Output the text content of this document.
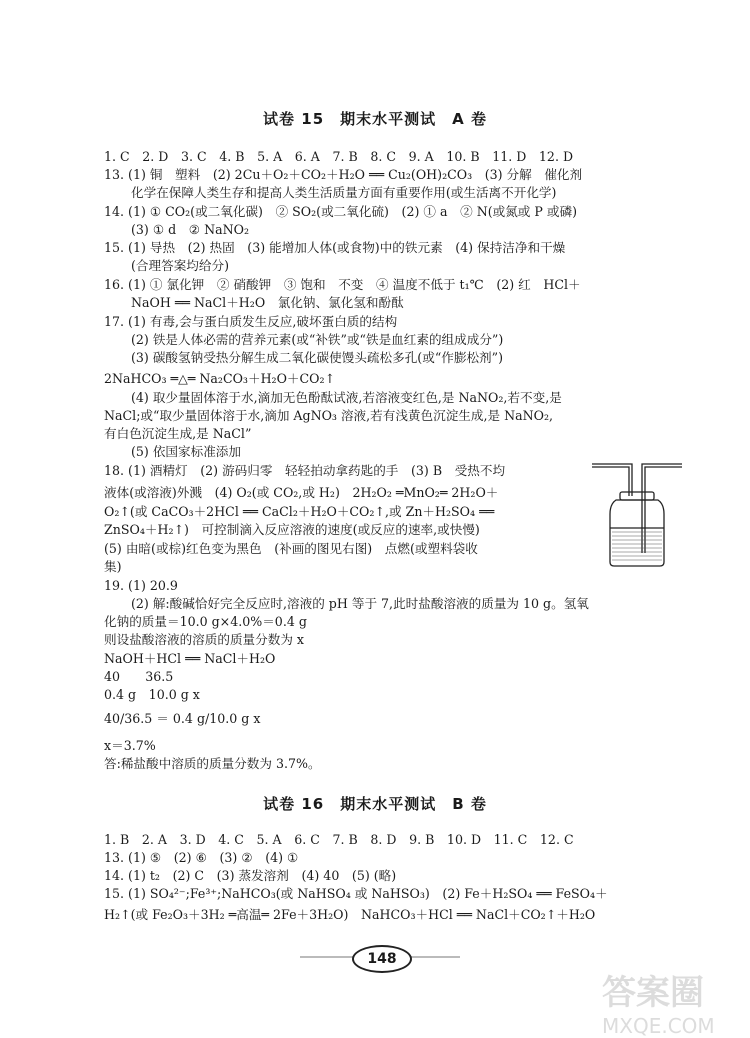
试卷 15　期末水平测试　A 卷
1. C　2. D　3. C　4. B　5. A　6. A　7. B　8. C　9. A　10. B　11. D　12. D
13. (1) 铜　塑料　(2) 2Cu＋O₂＋CO₂＋H₂O ══ Cu₂(OH)₂CO₃　(3) 分解　催化剂
化学在保障人类生存和提高人类生活质量方面有重要作用(或生活离不开化学)
14. (1) ① CO₂(或二氧化碳)　② SO₂(或二氧化硫)　(2) ① a　② N(或氮或 P 或磷)
(3) ① d　② NaNO₂
15. (1) 导热　(2) 热固　(3) 能增加人体(或食物)中的铁元素　(4) 保持洁净和干燥
(合理答案均给分)
16. (1) ① 氯化钾　② 硝酸钾　③ 饱和　不变　④ 温度不低于 t₁℃　(2) 红　HCl＋
NaOH ══ NaCl＋H₂O　氯化钠、氯化氢和酚酞
17. (1) 有毒,会与蛋白质发生反应,破坏蛋白质的结构
(2) 铁是人体必需的营养元素(或“补铁”或“铁是血红素的组成成分”)
(3) 碳酸氢钠受热分解生成二氧化碳使馒头疏松多孔(或“作膨松剂”)
2NaHCO₃ ═△═ Na₂CO₃＋H₂O＋CO₂↑
(4) 取少量固体溶于水,滴加无色酚酞试液,若溶液变红色,是 NaNO₂,若不变,是
NaCl;或“取少量固体溶于水,滴加 AgNO₃ 溶液,若有浅黄色沉淀生成,是 NaNO₂,
有白色沉淀生成,是 NaCl”
(5) 依国家标准添加
18. (1) 酒精灯　(2) 游码归零　轻轻拍动拿药匙的手　(3) B　受热不均
液体(或溶液)外溅　(4) O₂(或 CO₂,或 H₂)　2H₂O₂ ═MnO₂═ 2H₂O＋
O₂↑(或 CaCO₃＋2HCl ══ CaCl₂＋H₂O＋CO₂↑,或 Zn＋H₂SO₄ ══
ZnSO₄＋H₂↑)　可控制滴入反应溶液的速度(或反应的速率,或快慢)
(5) 由暗(或棕)红色变为黑色　(补画的图见右图)　点燃(或塑料袋收
集)
19. (1) 20.9
(2) 解:酸碱恰好完全反应时,溶液的 pH 等于 7,此时盐酸溶液的质量为 10 g。氢氧
化钠的质量＝10.0 g×4.0%＝0.4 g
则设盐酸溶液的溶质的质量分数为 x
NaOH＋HCl ══ NaCl＋H₂O
40　　36.5
0.4 g　10.0 g x
40/36.5 ＝ 0.4 g/10.0 g x
x＝3.7%
答:稀盐酸中溶质的质量分数为 3.7%。
试卷 16　期末水平测试　B 卷
1. B　2. A　3. D　4. C　5. A　6. C　7. B　8. D　9. B　10. D　11. C　12. C
13. (1) ⑤　(2) ⑥　(3) ②　(4) ①
14. (1) t₂　(2) C　(3) 蒸发溶剂　(4) 40　(5) (略)
15. (1) SO₄²⁻;Fe³⁺;NaHCO₃(或 NaHSO₄ 或 NaHSO₃)　(2) Fe＋H₂SO₄ ══ FeSO₄＋
H₂↑(或 Fe₂O₃＋3H₂ ═高温═ 2Fe＋3H₂O)　NaHCO₃＋HCl ══ NaCl＋CO₂↑＋H₂O
148
答案圈
MXQE.COM
